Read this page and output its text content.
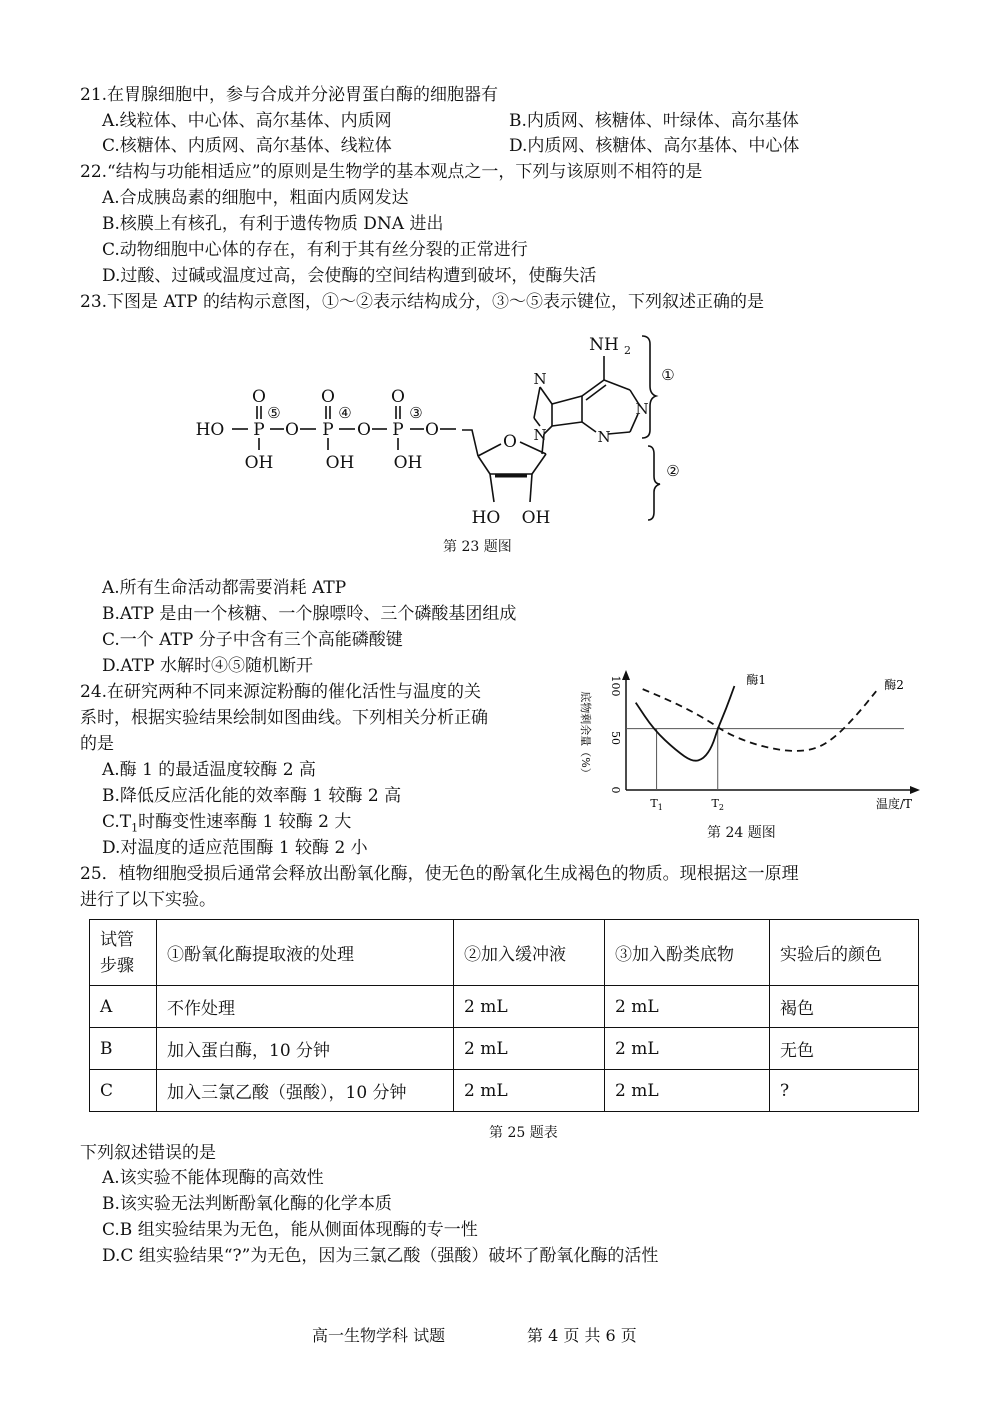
21.在胃腺细胞中，参与合成并分泌胃蛋白酶的细胞器有
A.线粒体、中心体、高尔基体、内质网	B.内质网、核糖体、叶绿体、高尔基体
C.核糖体、内质网、高尔基体、线粒体	D.内质网、核糖体、高尔基体、中心体
22.“结构与功能相适应”的原则是生物学的基本观点之一，下列与该原则不相符的是
A.合成胰岛素的细胞中，粗面内质网发达
B.核膜上有核孔，有利于遗传物质 DNA 进出
C.动物细胞中心体的存在，有利于其有丝分裂的正常进行
D.过酸、过碱或温度过高，会使酶的空间结构遭到破坏，使酶失活
23.下图是 ATP 的结构示意图，①～②表示结构成分，③～⑤表示键位，下列叙述正确的是
HO P
O
OH
O P
O
OH
O P
O
OH
O
O
HO OH
N
N
N
N
NH 2
⑤	④	③
①
②
第 23 题图
A.所有生命活动都需要消耗 ATP
B.ATP 是由一个核糖、一个腺嘌呤、三个磷酸基团组成
C.一个 ATP 分子中含有三个高能磷酸键
D.ATP 水解时④⑤随机断开
24.在研究两种不同来源淀粉酶的催化活性与温度的关
系时，根据实验结果绘制如图曲线。下列相关分析正确
的是
A.酶 1 的最适温度较酶 2 高
B.降低反应活化能的效率酶 1 较酶 2 高
$C.T_1$时酶变性速率酶 1 较酶 2 大
D.对温度的适应范围酶 1 较酶 2 小
0
50
100
底物剩余量（%）
$T_1$	$T_2$	温度/T
酶1	酶2
第 24 题图
25．植物细胞受损后通常会释放出酚氧化酶，使无色的酚氧化生成褐色的物质。现根据这一原理
进行了以下实验。
试管
步骤	①酚氧化酶提取液的处理	②加入缓冲液	③加入酚类底物	实验后的颜色
A	不作处理	2 mL	2 mL	褐色
B	加入蛋白酶，10 分钟	2 mL	2 mL	无色
C	加入三氯乙酸（强酸），10 分钟	2 mL	2 mL	?
第 25 题表
下列叙述错误的是
A.该实验不能体现酶的高效性
B.该实验无法判断酚氧化酶的化学本质
C.B 组实验结果为无色，能从侧面体现酶的专一性
D.C 组实验结果“?”为无色，因为三氯乙酸（强酸）破坏了酚氧化酶的活性
高一生物学科 试题	第 4 页 共 6 页
